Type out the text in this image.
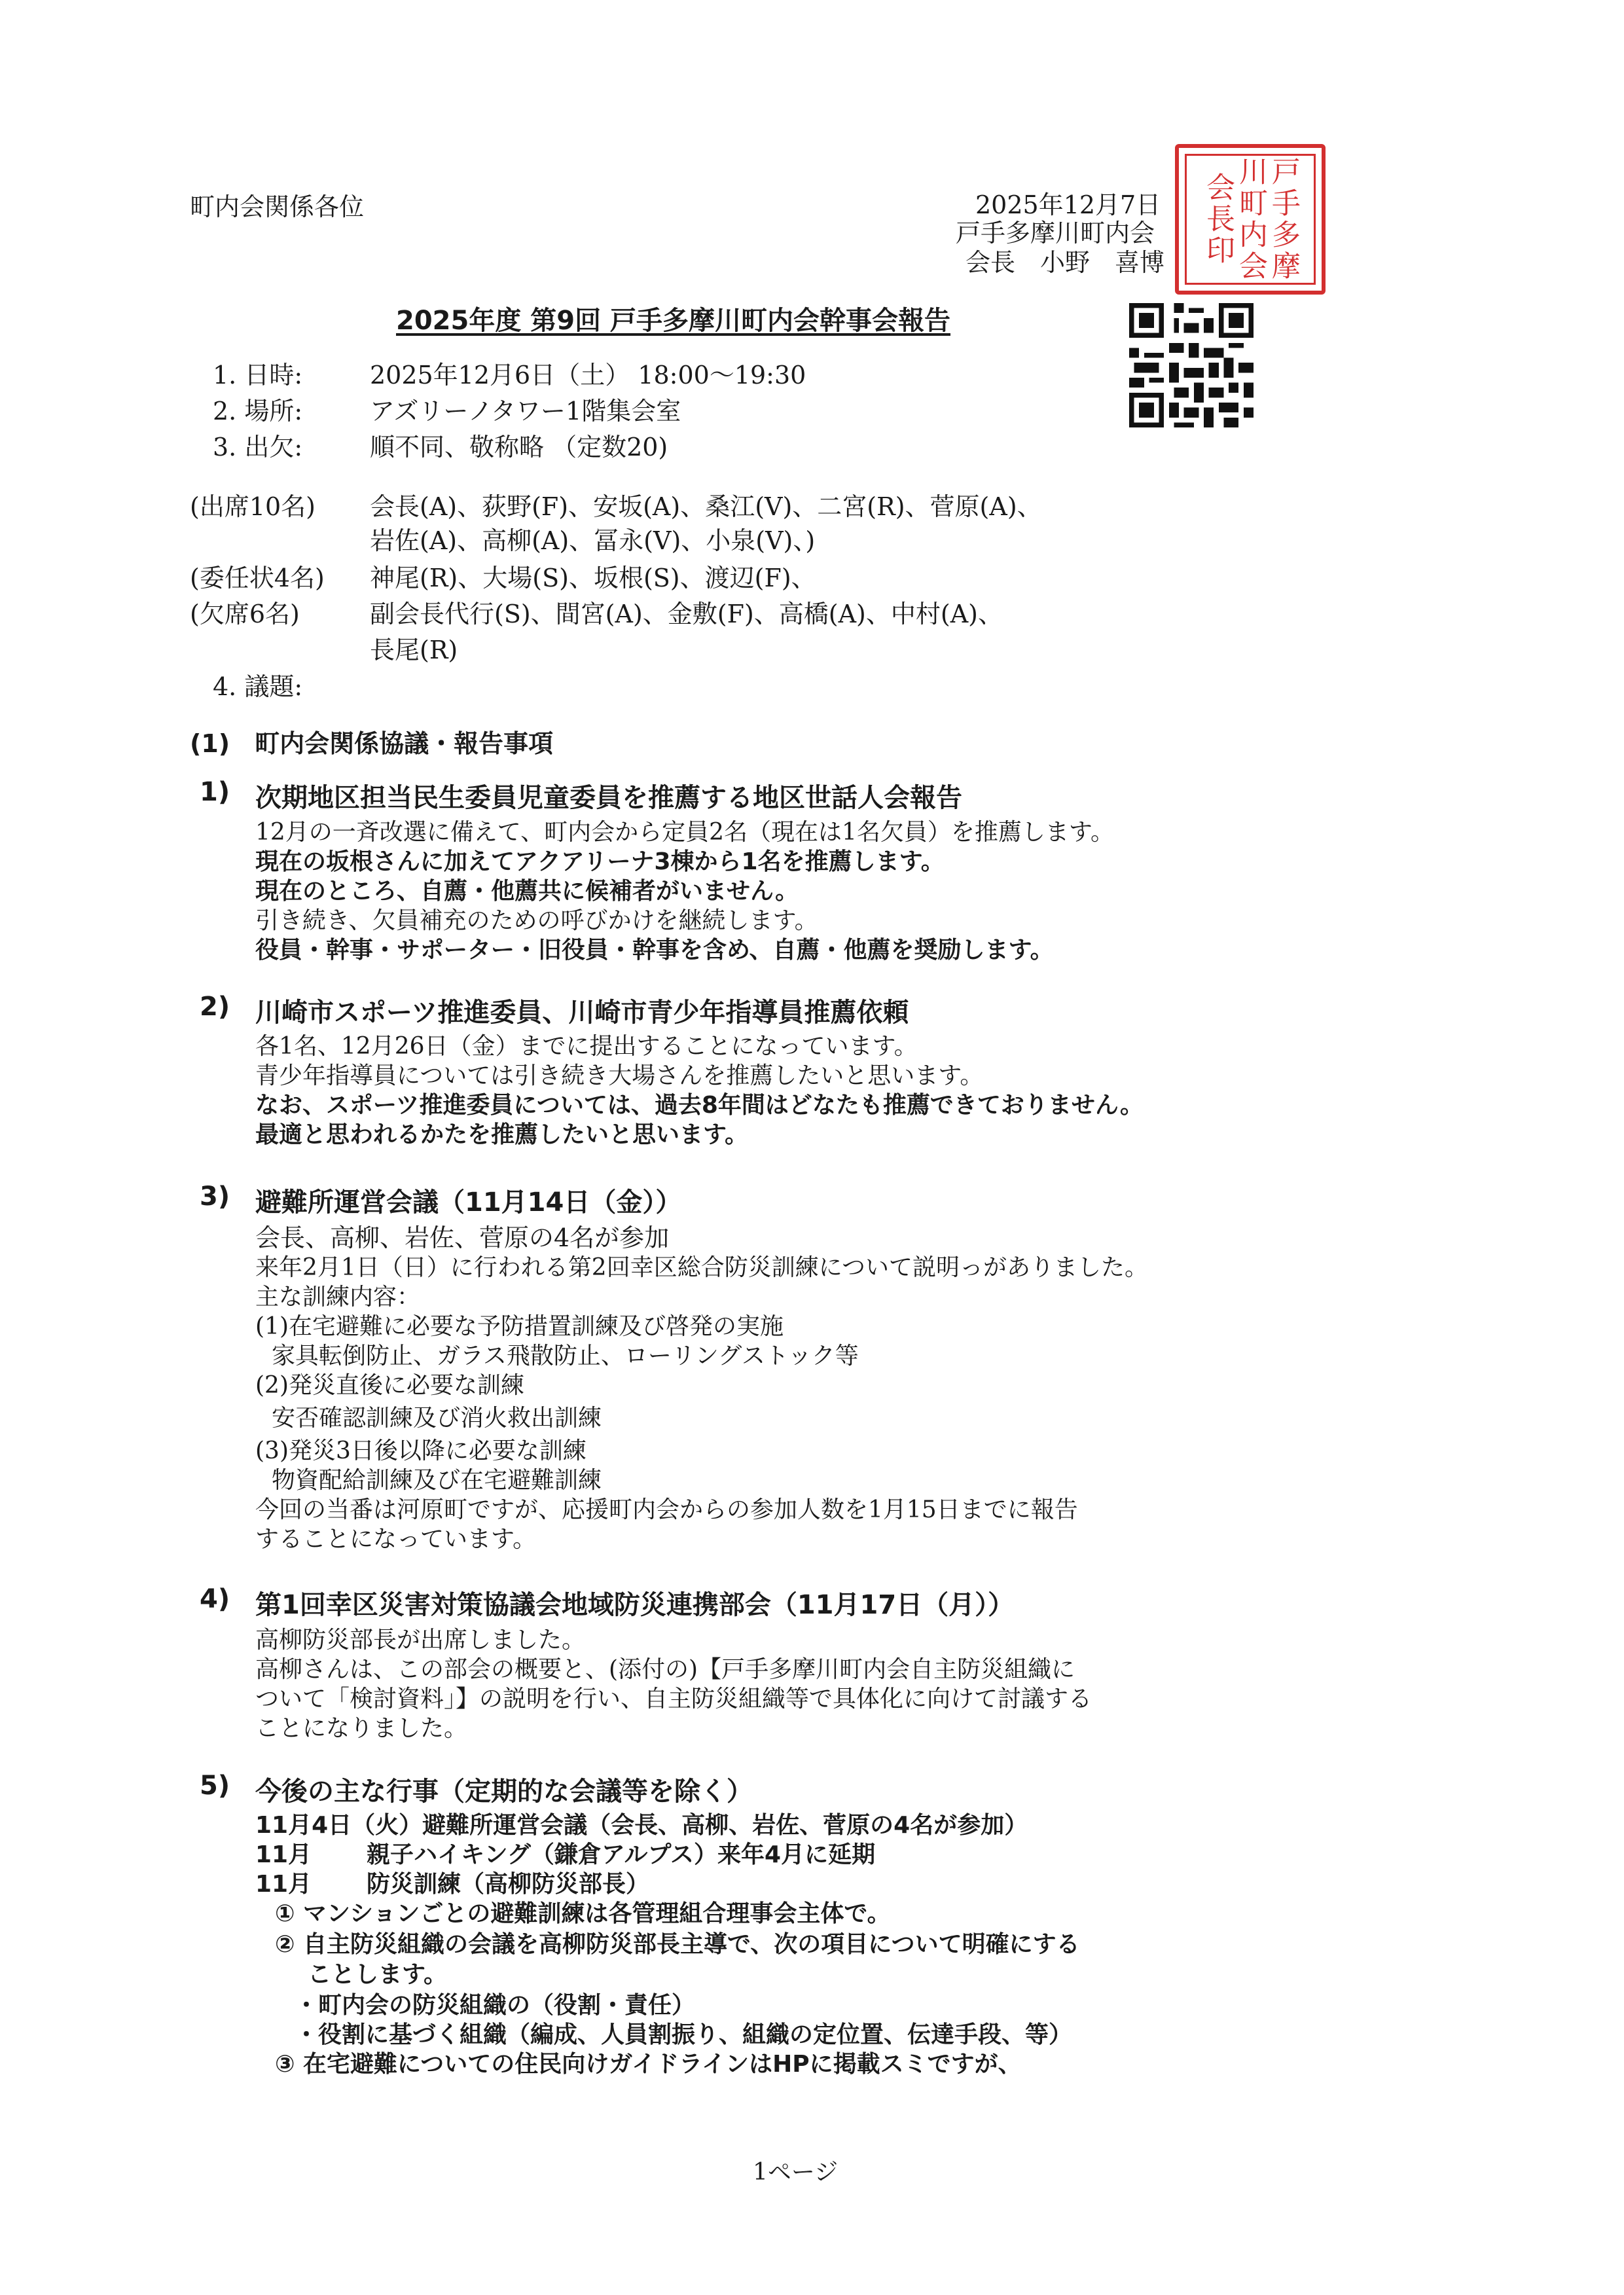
町内会関係各位	2025年12月7日
戸手多摩川町内会
会長　小野　喜博	戸手多摩川町内会会長印
2025年度 第9回 戸手多摩川町内会幹事会報告
1. 日時:	2025年12月6日（土） 18:00～19:30
2. 場所:	アズリーノタワー1階集会室
3. 出欠:	順不同、敬称略 （定数20)
(出席10名) 会長(A)、荻野(F)、安坂(A)、桑江(V)、二宮(R)、菅原(A)、
岩佐(A)、高柳(A)、冨永(V)、小泉(V)、)
(委任状4名) 神尾(R)、大場(S)、坂根(S)、渡辺(F)、
(欠席6名)	副会長代行(S)、間宮(A)、金敷(F)、高橋(A)、中村(A)、
長尾(R)
4. 議題:
(1)　町内会関係協議・報告事項
1) 次期地区担当民生委員児童委員を推薦する地区世話人会報告
12月の一斉改選に備えて、町内会から定員2名（現在は1名欠員）を推薦します。
現在の坂根さんに加えてアクアリーナ3棟から1名を推薦します。
現在のところ、自薦・他薦共に候補者がいません。
引き続き、欠員補充のための呼びかけを継続します。
役員・幹事・サポーター・旧役員・幹事を含め、自薦・他薦を奨励します。
2) 川崎市スポーツ推進委員、川崎市青少年指導員推薦依頼
各1名、12月26日（金）までに提出することになっています。
青少年指導員については引き続き大場さんを推薦したいと思います。
なお、スポーツ推進委員については、過去8年間はどなたも推薦できておりません。
最適と思われるかたを推薦したいと思います。
3) 避難所運営会議（11月14日（金））
会長、高柳、岩佐、菅原の4名が参加
来年2月1日（日）に行われる第2回幸区総合防災訓練について説明っがありました。
主な訓練内容：
(1)在宅避難に必要な予防措置訓練及び啓発の実施
家具転倒防止、ガラス飛散防止、ローリングストック等
(2)発災直後に必要な訓練
安否確認訓練及び消火救出訓練
(3)発災3日後以降に必要な訓練
物資配給訓練及び在宅避難訓練
今回の当番は河原町ですが、応援町内会からの参加人数を1月15日までに報告
することになっています。
4) 第1回幸区災害対策協議会地域防災連携部会（11月17日（月））
高柳防災部長が出席しました。
高柳さんは、この部会の概要と、(添付の)【戸手多摩川町内会自主防災組織に
ついて「検討資料」】の説明を行い、自主防災組織等で具体化に向けて討議する
ことになりました。
5) 今後の主な行事（定期的な会議等を除く）
11月4日（火）避難所運営会議（会長、高柳、岩佐、菅原の4名が参加）
11月 親子ハイキング（鎌倉アルプス）来年4月に延期
11月 防災訓練（高柳防災部長）
① マンションごとの避難訓練は各管理組合理事会主体で。
② 自主防災組織の会議を高柳防災部長主導で、次の項目について明確にする
ことします。
・町内会の防災組織の（役割・責任）
・役割に基づく組織（編成、人員割振り、組織の定位置、伝達手段、等）
③ 在宅避難についての住民向けガイドラインはHPに掲載スミですが、
1ページ
